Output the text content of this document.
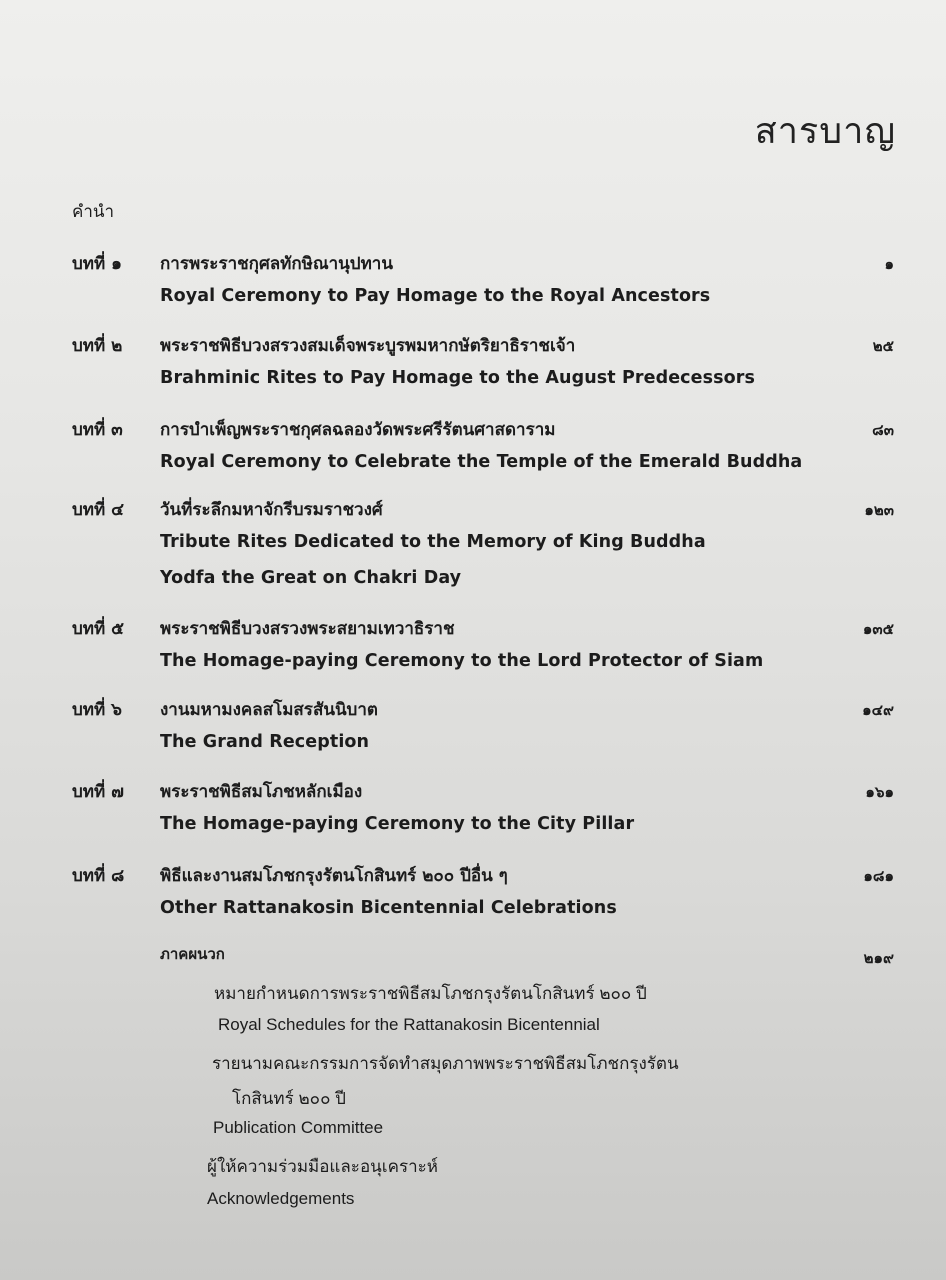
สารบาญ
คำนำ
บทที่ ๑ การพระราชกุศลทักษิณานุปทาน	๑
Royal Ceremony to Pay Homage to the Royal Ancestors
บทที่ ๒ พระราชพิธีบวงสรวงสมเด็จพระบูรพมหากษัตริยาธิราชเจ้า	๒๕
Brahminic Rites to Pay Homage to the August Predecessors
บทที่ ๓ การบำเพ็ญพระราชกุศลฉลองวัดพระศรีรัตนศาสดาราม	๘๓
Royal Ceremony to Celebrate the Temple of the Emerald Buddha
บทที่ ๔ วันที่ระลึกมหาจักรีบรมราชวงศ์	๑๒๓
Tribute Rites Dedicated to the Memory of King Buddha
Yodfa the Great on Chakri Day
บทที่ ๕ พระราชพิธีบวงสรวงพระสยามเทวาธิราช	๑๓๕
The Homage-paying Ceremony to the Lord Protector of Siam
บทที่ ๖ งานมหามงคลสโมสรสันนิบาต	๑๔๙
The Grand Reception
บทที่ ๗ พระราชพิธีสมโภชหลักเมือง	๑๖๑
The Homage-paying Ceremony to the City Pillar
บทที่ ๘ พิธีและงานสมโภชกรุงรัตนโกสินทร์ ๒๐๐ ปีอื่น ๆ	๑๘๑
Other Rattanakosin Bicentennial Celebrations
ภาคผนวก	๒๑๙
หมายกำหนดการพระราชพิธีสมโภชกรุงรัตนโกสินทร์ ๒๐๐ ปี
Royal Schedules for the Rattanakosin Bicentennial
รายนามคณะกรรมการจัดทำสมุดภาพพระราชพิธีสมโภชกรุงรัตน
โกสินทร์ ๒๐๐ ปี
Publication Committee
ผู้ให้ความร่วมมือและอนุเคราะห์
Acknowledgements
